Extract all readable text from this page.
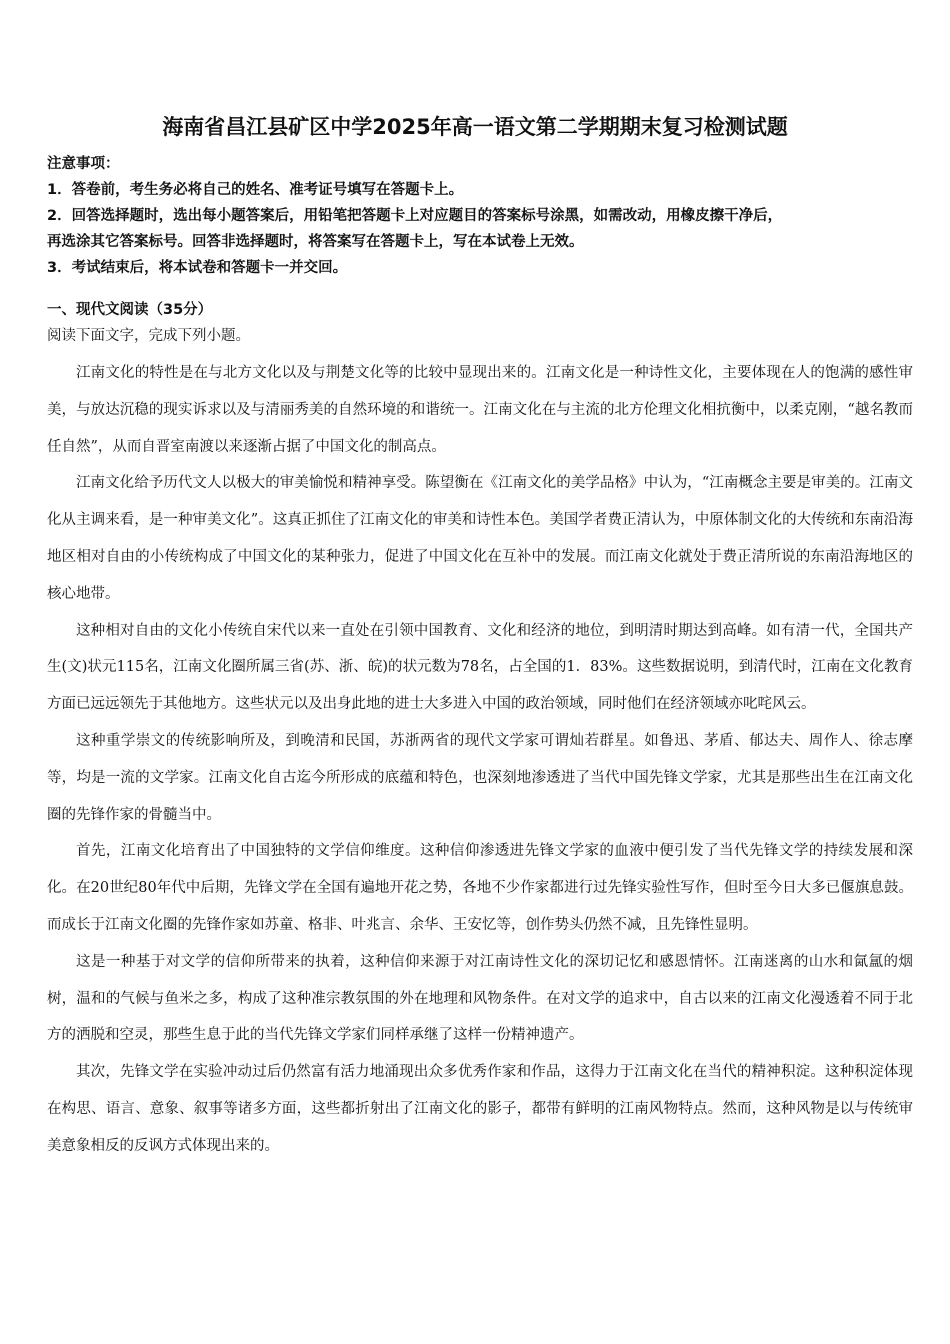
海南省昌江县矿区中学2025年高一语文第二学期期末复习检测试题
注意事项：
1．答卷前，考生务必将自己的姓名、准考证号填写在答题卡上。
2．回答选择题时，选出每小题答案后，用铅笔把答题卡上对应题目的答案标号涂黑，如需改动，用橡皮擦干净后，
再选涂其它答案标号。回答非选择题时，将答案写在答题卡上，写在本试卷上无效。
3．考试结束后，将本试卷和答题卡一并交回。
一、现代文阅读（35分）
阅读下面文字，完成下列小题。

江南文化的特性是在与北方文化以及与荆楚文化等的比较中显现出来的。江南文化是一种诗性文化，主要体现在人的饱满的感性审美，与放达沉稳的现实诉求以及与清丽秀美的自然环境的和谐统一。江南文化在与主流的北方伦理文化相抗衡中，以柔克刚，“越名教而任自然”，从而自晋室南渡以来逐渐占据了中国文化的制高点。

江南文化给予历代文人以极大的审美愉悦和精神享受。陈望衡在《江南文化的美学品格》中认为，“江南概念主要是审美的。江南文化从主调来看，是一种审美文化”。这真正抓住了江南文化的审美和诗性本色。美国学者费正清认为，中原体制文化的大传统和东南沿海地区相对自由的小传统构成了中国文化的某种张力，促进了中国文化在互补中的发展。而江南文化就处于费正清所说的东南沿海地区的核心地带。

这种相对自由的文化小传统自宋代以来一直处在引领中国教育、文化和经济的地位，到明清时期达到高峰。如有清一代，全国共产生(文)状元115名，江南文化圈所属三省(苏、浙、皖)的状元数为78名，占全国的1．83%。这些数据说明，到清代时，江南在文化教育方面已远远领先于其他地方。这些状元以及出身此地的进士大多进入中国的政治领域，同时他们在经济领域亦叱咤风云。

这种重学崇文的传统影响所及，到晚清和民国，苏浙两省的现代文学家可谓灿若群星。如鲁迅、茅盾、郁达夫、周作人、徐志摩等，均是一流的文学家。江南文化自古迄今所形成的底蕴和特色，也深刻地渗透进了当代中国先锋文学家，尤其是那些出生在江南文化圈的先锋作家的骨髓当中。

首先，江南文化培育出了中国独特的文学信仰维度。这种信仰渗透进先锋文学家的血液中便引发了当代先锋文学的持续发展和深化。在20世纪80年代中后期，先锋文学在全国有遍地开花之势，各地不少作家都进行过先锋实验性写作，但时至今日大多已偃旗息鼓。而成长于江南文化圈的先锋作家如苏童、格非、叶兆言、余华、王安忆等，创作势头仍然不减，且先锋性显明。

这是一种基于对文学的信仰所带来的执着，这种信仰来源于对江南诗性文化的深切记忆和感恩情怀。江南迷离的山水和氤氲的烟树，温和的气候与鱼米之多，构成了这种准宗教氛围的外在地理和风物条件。在对文学的追求中，自古以来的江南文化漫透着不同于北方的洒脱和空灵，那些生息于此的当代先锋文学家们同样承继了这样一份精神遗产。

其次，先锋文学在实验冲动过后仍然富有活力地涌现出众多优秀作家和作品，这得力于江南文化在当代的精神积淀。这种积淀体现在构思、语言、意象、叙事等诸多方面，这些都折射出了江南文化的影子，都带有鲜明的江南风物特点。然而，这种风物是以与传统审美意象相反的反讽方式体现出来的。
